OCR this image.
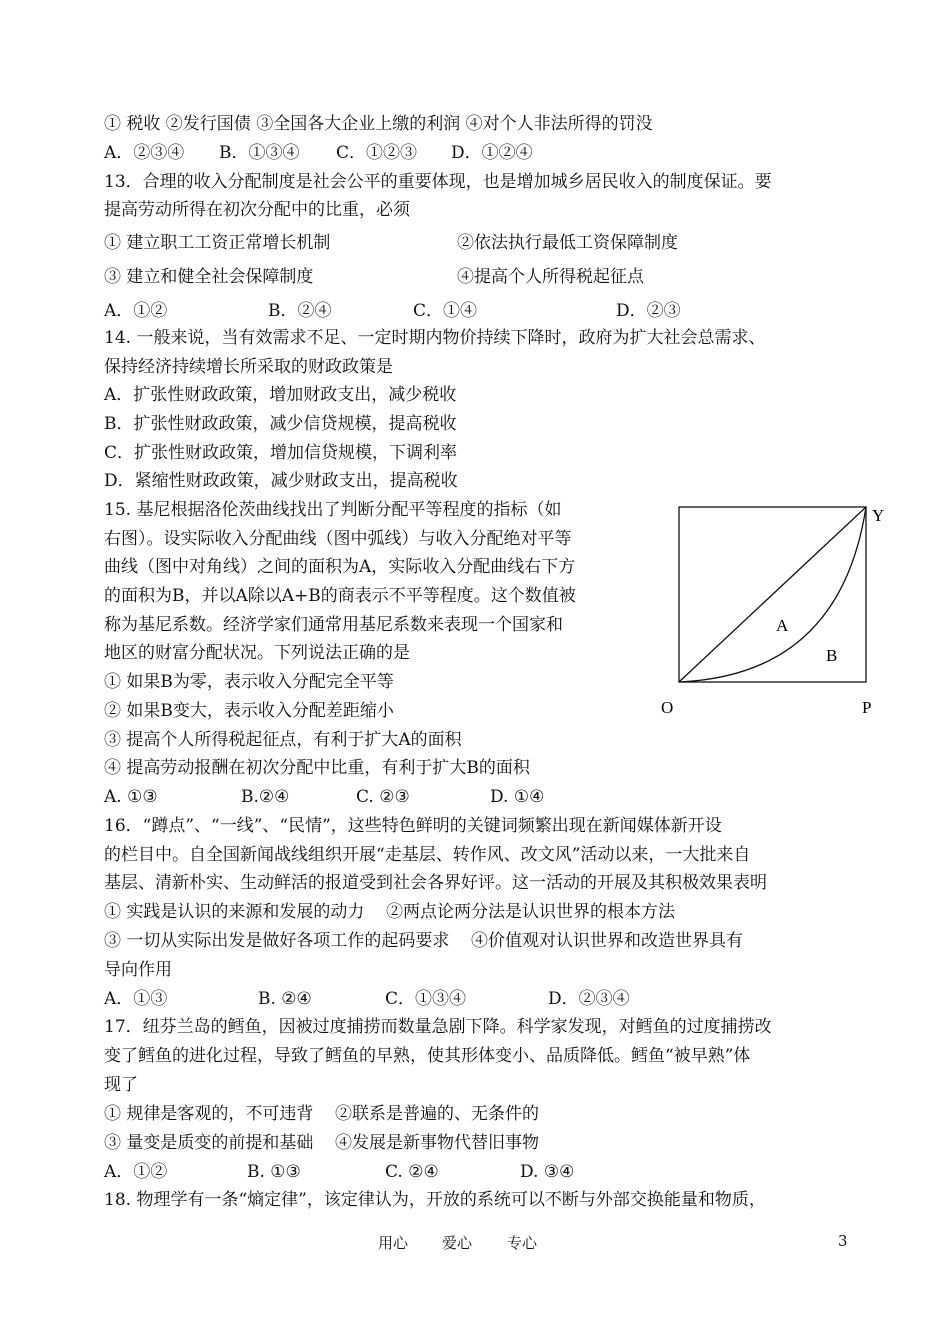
① 税收 ②发行国债 ③全国各大企业上缴的利润 ④对个人非法所得的罚没
A．②③④ B．①③④ C．①②③ D．①②④
13．合理的收入分配制度是社会公平的重要体现，也是增加城乡居民收入的制度保证。要
提高劳动所得在初次分配中的比重，必须
① 建立职工工资正常增长机制	②依法执行最低工资保障制度
③ 建立和健全社会保障制度	④提高个人所得税起征点
A．①②	B．②④	C．①④	D．②③
14. 一般来说，当有效需求不足、一定时期内物价持续下降时，政府为扩大社会总需求、
保持经济持续增长所采取的财政政策是
A．扩张性财政政策，增加财政支出，减少税收
B．扩张性财政政策，减少信贷规模，提高税收
C．扩张性财政政策，增加信贷规模，下调利率
D．紧缩性财政政策，减少财政支出，提高税收
15. 基尼根据洛伦茨曲线找出了判断分配平等程度的指标（如
右图）。设实际收入分配曲线（图中弧线）与收入分配绝对平等
曲线（图中对角线）之间的面积为A，实际收入分配曲线右下方
的面积为B，并以A除以A+B的商表示不平等程度。这个数值被
称为基尼系数。经济学家们通常用基尼系数来表现一个国家和
地区的财富分配状况。下列说法正确的是
① 如果B为零，表示收入分配完全平等
② 如果B变大，表示收入分配差距缩小
③ 提高个人所得税起征点，有利于扩大A的面积
④ 提高劳动报酬在初次分配中比重，有利于扩大B的面积
A. ①③	B.②④	C. ②③	D. ①④
Y
A
B
O	P
16．“蹲点”、“一线”、“民情”，这些特色鲜明的关键词频繁出现在新闻媒体新开设
的栏目中。自全国新闻战线组织开展“走基层、转作风、改文风”活动以来，一大批来自
基层、清新朴实、生动鲜活的报道受到社会各界好评。这一活动的开展及其积极效果表明
① 实践是认识的来源和发展的动力    ②两点论两分法是认识世界的根本方法
③ 一切从实际出发是做好各项工作的起码要求    ④价值观对认识世界和改造世界具有
导向作用
A．①③	B. ②④	C．①③④	D．②③④
17．纽芬兰岛的鳕鱼，因被过度捕捞而数量急剧下降。科学家发现，对鳕鱼的过度捕捞改
变了鳕鱼的进化过程，导致了鳕鱼的早熟，使其形体变小、品质降低。鳕鱼“被早熟”体
现了
① 规律是客观的，不可违背    ②联系是普遍的、无条件的
③ 量变是质变的前提和基础    ④发展是新事物代替旧事物
A．①②	B. ①③	C. ②④	D. ③④
18. 物理学有一条“熵定律”，该定律认为，开放的系统可以不断与外部交换能量和物质，
用心 爱心 专心	3
